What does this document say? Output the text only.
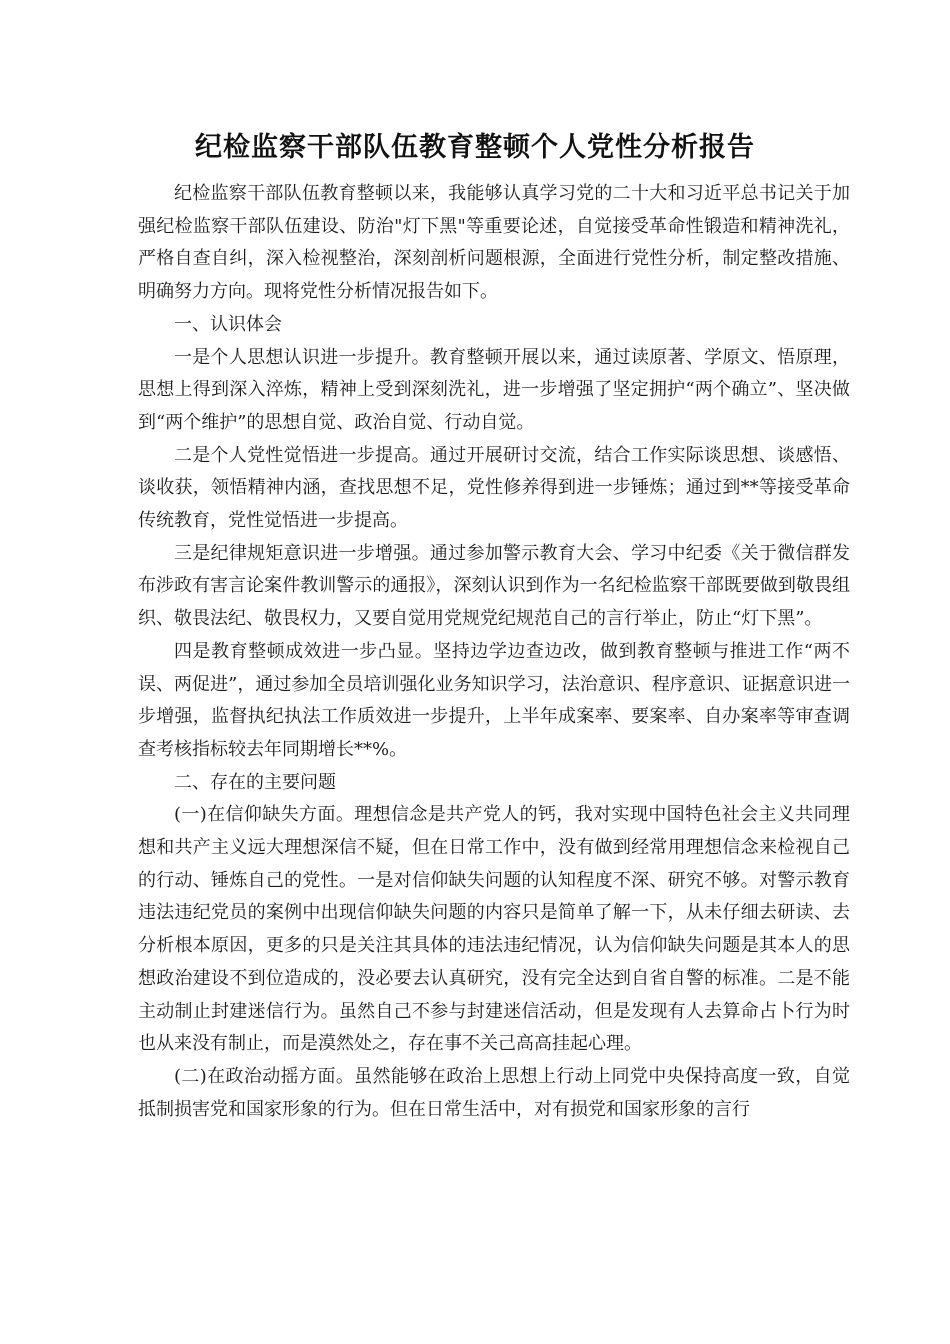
纪检监察干部队伍教育整顿个人党性分析报告

纪检监察干部队伍教育整顿以来，我能够认真学习党的二十大和习近平总书记关于加强纪检监察干部队伍建设、防治"灯下黑"等重要论述，自觉接受革命性锻造和精神洗礼，严格自查自纠，深入检视整治，深刻剖析问题根源，全面进行党性分析，制定整改措施、明确努力方向。现将党性分析情况报告如下。

一、认识体会

一是个人思想认识进一步提升。教育整顿开展以来，通过读原著、学原文、悟原理，思想上得到深入淬炼，精神上受到深刻洗礼，进一步增强了坚定拥护“两个确立”、坚决做到“两个维护”的思想自觉、政治自觉、行动自觉。

二是个人党性觉悟进一步提高。通过开展研讨交流，结合工作实际谈思想、谈感悟、谈收获，领悟精神内涵，查找思想不足，党性修养得到进一步锤炼；通过到**等接受革命传统教育，党性觉悟进一步提高。

三是纪律规矩意识进一步增强。通过参加警示教育大会、学习中纪委《关于微信群发布涉政有害言论案件教训警示的通报》，深刻认识到作为一名纪检监察干部既要做到敬畏组织、敬畏法纪、敬畏权力，又要自觉用党规党纪规范自己的言行举止，防止“灯下黑”。

四是教育整顿成效进一步凸显。坚持边学边查边改，做到教育整顿与推进工作“两不误、两促进”，通过参加全员培训强化业务知识学习，法治意识、程序意识、证据意识进一步增强，监督执纪执法工作质效进一步提升，上半年成案率、要案率、自办案率等审查调查考核指标较去年同期增长**%。

二、存在的主要问题

(一)在信仰缺失方面。理想信念是共产党人的钙，我对实现中国特色社会主义共同理想和共产主义远大理想深信不疑，但在日常工作中，没有做到经常用理想信念来检视自己的行动、锤炼自己的党性。一是对信仰缺失问题的认知程度不深、研究不够。对警示教育违法违纪党员的案例中出现信仰缺失问题的内容只是简单了解一下，从未仔细去研读、去分析根本原因，更多的只是关注其具体的违法违纪情况，认为信仰缺失问题是其本人的思想政治建设不到位造成的，没必要去认真研究，没有完全达到自省自警的标准。二是不能主动制止封建迷信行为。虽然自己不参与封建迷信活动，但是发现有人去算命占卜行为时也从来没有制止，而是漠然处之，存在事不关己高高挂起心理。

(二)在政治动摇方面。虽然能够在政治上思想上行动上同党中央保持高度一致，自觉抵制损害党和国家形象的行为。但在日常生活中，对有损党和国家形象的言行
